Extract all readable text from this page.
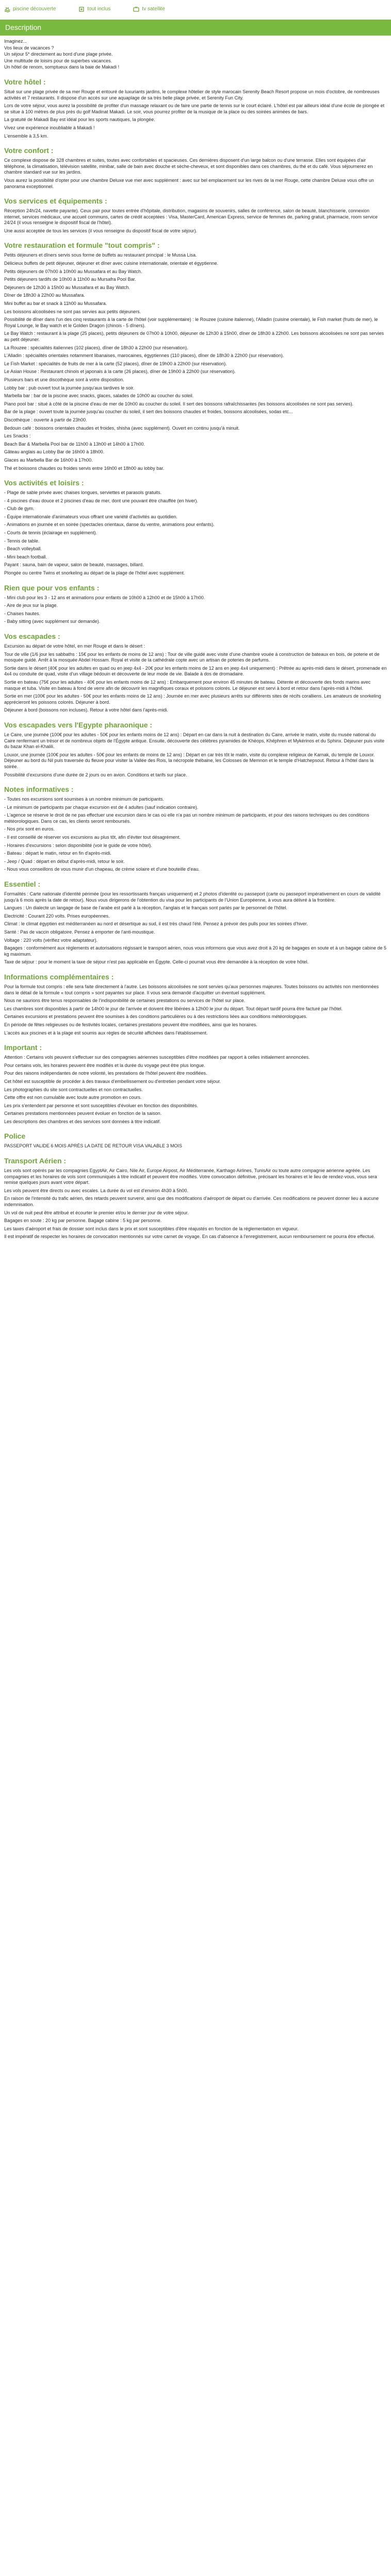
piscine découverte	tout inclus	tv satellite
Description

Imaginez...

Vos lieux de vacances ?

Un séjour 5* directement au bord d'une plage privée.

Une multitude de loisirs pour de superbes vacances.

Un hôtel de renom, somptueux dans la baie de Makadi !

Votre hôtel :

Situé sur une plage privée de sa mer Rouge et entouré de luxuriants jardins, le complexe hôtelier de style marocain Serenity Beach Resort propose un mois d'octobre, de nombreuses activités et 7 restaurants. Il dispose d'un accès sur une aquaplage de sa très belle plage privée, et Serenity Fun City.

Lors de votre séjour, vous aurez la possibilité de profiter d'un massage relaxant ou de faire une partie de tennis sur le court éclairé. L'hôtel est par ailleurs idéal d'une école de plongée et se situe à 100 mètres de plus près du golf Madinat Makadi. Le soir, vous pourrez profiter de la musique de la place ou des soirées animées de bars.

La gratuité de Makadi Bay est idéal pour les sports nautiques, la plongée.

Vivez une expérience inoubliable à Makadi !

L'ensemble à 3,5 km.

Votre confort :

Ce complexe dispose de 328 chambres et suites, toutes avec confortables et spacieuses. Ces dernières disposent d'un large balcon ou d'une terrasse. Elles sont équipées d'air téléphone, la climatisation, télévision satellite, minibar, salle de bain avec douche et sèche-cheveux, et sont disponibles dans ces chambres, du thé et du café. Vous séjournerez en chambre standard vue sur les jardins.

Vous aurez la possibilité d'opter pour une chambre Deluxe vue mer avec supplément : avec sur bel emplacement sur les rives de la mer Rouge, cette chambre Deluxe vous offre un panorama exceptionnel.

Vos services et équipements :

Réception 24h/24, navette payante). Ceux pair pour toutes entrée d'hôpitale, distribution, magasins de souvenirs, salles de conférence, salon de beauté, blanchisserie, connexion internet, services médicaux, une accueil communs, cartes de crédit acceptées : Visa, MasterCard, American Express, service de femmes de, parking gratuit, pharmacie, room service 24/24 (il vous renseigne le dispositif fiscal de l'hôtel).

Une aussi acceptée de tous les services (il vous renseigne du dispositif fiscal de votre séjour).

Votre restauration et formule "tout compris" :

Petits déjeuners et dîners servis sous forme de buffets au restaurant principal : le Mussa Lisa.

Délicieux buffets de petit déjeuner, déjeuner et dîner avec cuisine internationale, orientale et égyptienne.

Petits déjeuners de 07h00 à 10h00 au Mussafara et au Bay Watch.

Petits déjeuners tardifs de 10h00 à 11h00 au Mursafra Pool Bar.

Déjeuners de 12h30 à 15h00 au Mussafara et au Bay Watch.

Dîner de 18h30 à 22h00 au Mussafara.

Mini buffet au bar et snack à 11h00 au Mussafara.

Les boissons alcoolisées ne sont pas servies aux petits déjeuners.

Possibilité de dîner dans l'un des cinq restaurants à la carte de l'hôtel (voir supplémentaire) : le Rouzee (cuisine italienne), l'Alladin (cuisine orientale), le Fish market (fruits de mer), le Royal Lounge, le Bay watch et le Golden Dragon (chinois - 5 dîners).

Le Bay Watch : restaurant à la plage (25 places), petits déjeuners de 07h00 à 10h00, déjeuner de 12h30 à 15h00, dîner de 18h30 à 22h00. Les boissons alcoolisées ne sont pas servies au petit déjeuner.

La Rouzee : spécialités italiennes (102 places), dîner de 18h30 à 22h00 (sur réservation).

L'Alladin : spécialités orientales notamment libanaises, marocaines, égyptiennes (110 places), dîner de 18h30 à 22h00 (sur réservation).

Le Fish Market : spécialités de fruits de mer à la carte (52 places), dîner de 19h00 à 22h00 (sur réservation).

Le Asian House : Restaurant chinois et japonais à la carte (26 places), dîner de 19h00 à 22h00 (sur réservation).

Plusieurs bars et une discothèque sont à votre disposition.

Lobby bar : pub ouvert tout la journée jusqu'aux tardives le soir.

Marbella bar : bar de la piscine avec snacks, glaces, salades de 10h00 au coucher du soleil.

Piano pool bar : situé à côté de la piscine d'eau de mer de 10h00 au coucher du soleil. Il sert des boissons rafraîchissantes (les boissons alcoolisées ne sont pas servies).

Bar de la plage : ouvert toute la journée jusqu'au coucher du soleil, il sert des boissons chaudes et froides, boissons alcoolisées, sodas etc...

Discothèque : ouverte à partir de 23h00.

Bedouin café : boissons orientales chaudes et froides, shisha (avec supplément). Ouvert en continu jusqu'à minuit.

Les Snacks :

Beach Bar & Marbella Pool bar de 11h00 à 13h00 et 14h00 à 17h00.

Gâteau anglais au Lobby Bar de 16h00 à 18h00.

Glaces au Marbella Bar de 16h00 à 17h00.

Thé et boissons chaudes ou froides servis entre 16h00 et 18h00 au lobby bar.

Vos activités et loisirs :

- Plage de sable privée avec chaises longues, serviettes et parasols gratuits.

- 4 piscines d'eau douce et 2 piscines d'eau de mer, dont une pouvant être chauffée (en hiver).

- Club de gym.

- Équipe internationale d'animateurs vous offrant une variété d'activités au quotidien.

- Animations en journée et en soirée (spectacles orientaux, danse du ventre, animations pour enfants).

- Courts de tennis (éclairage en supplément).

- Tennis de table.

- Beach volleyball.

- Mini beach football.

Payant : sauna, bain de vapeur, salon de beauté, massages, billard.

Plongée ou centre Twins et snorkeling au départ de la plage de l'hôtel avec supplément.

Rien que pour vos enfants :

- Mini club pour les 3 - 12 ans et animations pour enfants de 10h00 à 12h00 et de 15h00 à 17h00.

- Aire de jeux sur la plage.

- Chaises hautes.

- Baby sitting (avec supplément sur demande).

Vos escapades :

Excursion au départ de votre hôtel, en mer Rouge et dans le désert :

Tour de ville (1/6 jour les sabbaths : 15€ pour les enfants de moins de 12 ans) : Tour de ville guidé avec visite d'une chambre vouée à construction de bateaux en bois, de poterie et de mosquée guidé. Arrêt à la mosquée Abdel Hossam. Royal et visite de la cathédrale copte avec un artisan de poteries de parfums.

Sortie dans le désert (40€ pour les adultes en quad ou en jeep 4x4 - 20€ pour les enfants moins de 12 ans en jeep 4x4 uniquement) : Prêtrée au après-midi dans le désert, promenade en 4x4 ou conduite de quad, visite d'un village bédouin et découverte de leur mode de vie. Balade à dos de dromadaire.

Sortie en bateau (75€ pour les adultes - 40€ pour les enfants moins de 12 ans) : Embarquement pour environ 45 minutes de bateau. Détente et découverte des fonds marins avec masque et tuba. Visite en bateau à fond de verre afin de découvrir les magnifiques coraux et poissons colorés. Le déjeuner est servi à bord et retour dans l'après-midi à l'hôtel.

Sortie en mer (100€ pour les adultes - 50€ pour les enfants moins de 12 ans) : Journée en mer avec plusieurs arrêts sur différents sites de récifs coralliens. Les amateurs de snorkeling apprécieront les poissons colorés. Déjeuner à bord.

Déjeuner à bord (boissons non incluses). Retour à votre hôtel dans l'après-midi.

Vos escapades vers l'Egypte pharaonique :

Le Caire, une journée (100€ pour les adultes - 50€ pour les enfants moins de 12 ans) : Départ en car dans la nuit à destination du Caire, arrivée le matin, visite du musée national du Caire renfermant un trésor et de nombreux objets de l'Égypte antique. Ensuite, découverte des célèbres pyramides de Khéops, Khéphren et Mykérinos et du Sphinx. Déjeuner puis visite du bazar Khan el-Khalili.

Louxor, une journée (100€ pour les adultes - 50€ pour les enfants de moins de 12 ans) : Départ en car très tôt le matin, visite du complexe religieux de Karnak, du temple de Louxor. Déjeuner au bord du Nil puis traversée du fleuve pour visiter la Vallée des Rois, la nécropole thébaine, les Colosses de Memnon et le temple d'Hatchepsout. Retour à l'hôtel dans la soirée.

Possibilité d'excursions d'une durée de 2 jours ou en avion. Conditions et tarifs sur place.

Notes informatives :

- Toutes nos excursions sont soumises à un nombre minimum de participants.

- Le minimum de participants par chaque excursion est de 4 adultes (sauf indication contraire).

- L'agence se réserve le droit de ne pas effectuer une excursion dans le cas où elle n'a pas un nombre minimum de participants, et pour des raisons techniques ou des conditions météorologiques. Dans ce cas, les clients seront remboursés.

- Nos prix sont en euros.

- Il est conseillé de réserver vos excursions au plus tôt, afin d'éviter tout désagrément.

- Horaires d'excursions : selon disponibilité (voir le guide de votre hôtel).

- Bateau : départ le matin, retour en fin d'après-midi.

- Jeep / Quad : départ en début d'après-midi, retour le soir.

- Nous vous conseillons de vous munir d'un chapeau, de crème solaire et d'une bouteille d'eau.

Essentiel :

Formalités : Carte nationale d'identité périmée (pour les ressortissants français uniquement) et 2 photos d'identité ou passeport (carte ou passeport impérativement en cours de validité jusqu'à 6 mois après la date de retour). Nous vous dirigerons de l'obtention du visa pour les participants de l'Union Européenne, à vous aura délivré à la frontière.

Langues : Un dialecte un langage de base de l'arabe est parlé à la réception, l'anglais et le français sont parlés par le personnel de l'hôtel.

Electricité : Courant 220 volts. Prises européennes.

Climat : le climat égyptien est méditerranéen au nord et désertique au sud, il est très chaud l'été. Pensez à prévoir des pulls pour les soirées d'hiver.

Santé : Pas de vaccin obligatoire. Pensez à emporter de l'anti-moustique.

Voltage : 220 volts (vérifiez votre adaptateur).

Bagages : conformément aux règlements et autorisations régissant le transport aérien, nous vous informons que vous avez droit à 20 kg de bagages en soute et à un bagage cabine de 5 kg maximum.

Taxe de séjour : pour le moment la taxe de séjour n'est pas applicable en Égypte. Celle-ci pourrait vous être demandée à la réception de votre hôtel.

Informations complémentaires :

Pour la formule tout compris : elle sera faite directement à l'autre. Les boissons alcoolisées ne sont servies qu'aux personnes majeures. Toutes boissons ou activités non mentionnées dans le détail de la formule « tout compris » sont payantes sur place. Il vous sera demandé d'acquitter un éventuel supplément.

Nous ne saurions être tenus responsables de l'indisponibilité de certaines prestations ou services de l'hôtel sur place.

Les chambres sont disponibles à partir de 14h00 le jour de l'arrivée et doivent être libérées à 12h00 le jour du départ. Tout départ tardif pourra être facturé par l'hôtel.

Certaines excursions et prestations peuvent être soumises à des conditions particulières ou à des restrictions liées aux conditions météorologiques.

En période de fêtes religieuses ou de festivités locales, certaines prestations peuvent être modifiées, ainsi que les horaires.

L'accès aux piscines et à la plage est soumis aux règles de sécurité affichées dans l'établissement.

Important :

Attention : Certains vols peuvent s'effectuer sur des compagnies aériennes susceptibles d'être modifiées par rapport à celles initialement annoncées.

Pour certains vols, les horaires peuvent être modifiés et la durée du voyage peut être plus longue.

Pour des raisons indépendantes de notre volonté, les prestations de l'hôtel peuvent être modifiées.

Cet hôtel est susceptible de procéder à des travaux d'embellissement ou d'entretien pendant votre séjour.

Les photographies du site sont contractuelles et non contractuelles.

Cette offre est non cumulable avec toute autre promotion en cours.

Les prix s'entendent par personne et sont susceptibles d'évoluer en fonction des disponibilités.

Certaines prestations mentionnées peuvent évoluer en fonction de la saison.

Les descriptions des chambres et des services sont données à titre indicatif.

Police

PASSEPORT VALIDE 6 MOIS APRÈS LA DATE DE RETOUR VISA VALABLE 3 MOIS

Transport Aérien :

Les vols sont opérés par les compagnies EgyptAir, Air Cairo, Nile Air, Europe Airpost, Air Méditerranée, Karthago Airlines, TunisAir ou toute autre compagnie aérienne agréée. Les compagnies et les horaires de vols sont communiqués à titre indicatif et peuvent être modifiés. Votre convocation définitive, précisant les horaires et le lieu de rendez-vous, vous sera remise quelques jours avant votre départ.

Les vols peuvent être directs ou avec escales. La durée du vol est d'environ 4h30 à 5h00.

En raison de l'intensité du trafic aérien, des retards peuvent survenir, ainsi que des modifications d'aéroport de départ ou d'arrivée. Ces modifications ne peuvent donner lieu à aucune indemnisation.

Un vol de nuit peut être attribué et écourter le premier et/ou le dernier jour de votre séjour.

Bagages en soute : 20 kg par personne. Bagage cabine : 5 kg par personne.

Les taxes d'aéroport et frais de dossier sont inclus dans le prix et sont susceptibles d'être réajustés en fonction de la réglementation en vigueur.

Il est impératif de respecter les horaires de convocation mentionnés sur votre carnet de voyage. En cas d'absence à l'enregistrement, aucun remboursement ne pourra être effectué.
